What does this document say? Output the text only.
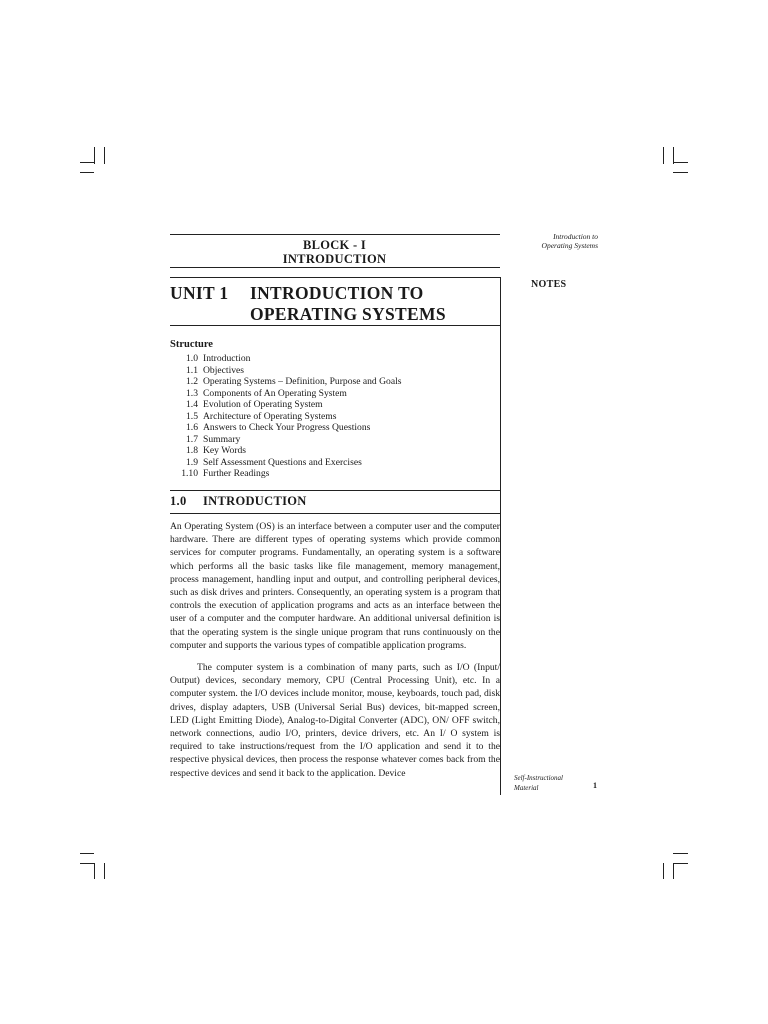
BLOCK - I
INTRODUCTION
UNIT 1 INTRODUCTION TO
OPERATING SYSTEMS
Structure
1.0 Introduction
1.1 Objectives
1.2 Operating Systems – Definition, Purpose and Goals
1.3 Components of An Operating System
1.4 Evolution of Operating System
1.5 Architecture of Operating Systems
1.6 Answers to Check Your Progress Questions
1.7 Summary
1.8 Key Words
1.9 Self Assessment Questions and Exercises
1.10 Further Readings
1.0 INTRODUCTION

An Operating System (OS) is an interface between a computer user and the computer hardware. There are different types of operating systems which provide common services for computer programs. Fundamentally, an operating system is a software which performs all the basic tasks like file management, memory management, process management, handling input and output, and controlling peripheral devices, such as disk drives and printers. Consequently, an operating system is a program that controls the execution of application programs and acts as an interface between the user of a computer and the computer hardware. An additional universal definition is that the operating system is the single unique program that runs continuously on the computer and supports the various types of compatible application programs.

The computer system is a combination of many parts, such as I/O (Input/ Output) devices, secondary memory, CPU (Central Processing Unit), etc. In a computer system. the I/O devices include monitor, mouse, keyboards, touch pad, disk drives, display adapters, USB (Universal Serial Bus) devices, bit-mapped screen, LED (Light Emitting Diode), Analog-to-Digital Converter (ADC), ON/ OFF switch, network connections, audio I/O, printers, device drivers, etc. An I/ O system is required to take instructions/request from the I/O application and send it to the respective physical devices, then process the response whatever comes back from the respective devices and send it back to the application. Device

Introduction to
Operating Systems
NOTES
Self-Instructional
Material	1
